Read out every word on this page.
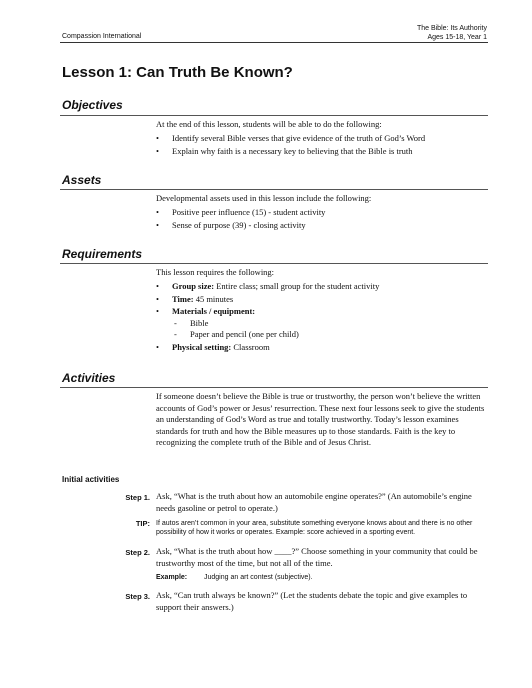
Compassion International
The Bible: Its Authority
Ages 15-18, Year 1
Lesson 1: Can Truth Be Known?
Objectives
At the end of this lesson, students will be able to do the following:
• Identify several Bible verses that give evidence of the truth of God’s Word
• Explain why faith is a necessary key to believing that the Bible is truth
Assets
Developmental assets used in this lesson include the following:
• Positive peer influence (15) - student activity
• Sense of purpose (39) - closing activity
Requirements
This lesson requires the following:
• Group size: Entire class; small group for the student activity
• Time: 45 minutes
• Materials / equipment:
- Bible
- Paper and pencil (one per child)
• Physical setting: Classroom
Activities
If someone doesn’t believe the Bible is true or trustworthy, the person won’t believe the written accounts of God’s power or Jesus’ resurrection. These next four lessons seek to give the students an understanding of God’s Word as true and totally trustworthy. Today’s lesson examines standards for truth and how the Bible measures up to those standards. Faith is the key to recognizing the complete truth of the Bible and of Jesus Christ.
Initial activities
Step 1. Ask, “What is the truth about how an automobile engine operates?” (An automobile’s engine needs gasoline or petrol to operate.)
TIP: If autos aren’t common in your area, substitute something everyone knows about and there is no other possibility of how it works or operates. Example: score achieved in a sporting event.
Step 2. Ask, “What is the truth about how ____?” Choose something in your community that could be trustworthy most of the time, but not all of the time.
Example: Judging an art contest (subjective).
Step 3. Ask, “Can truth always be known?” (Let the students debate the topic and give examples to support their answers.)
